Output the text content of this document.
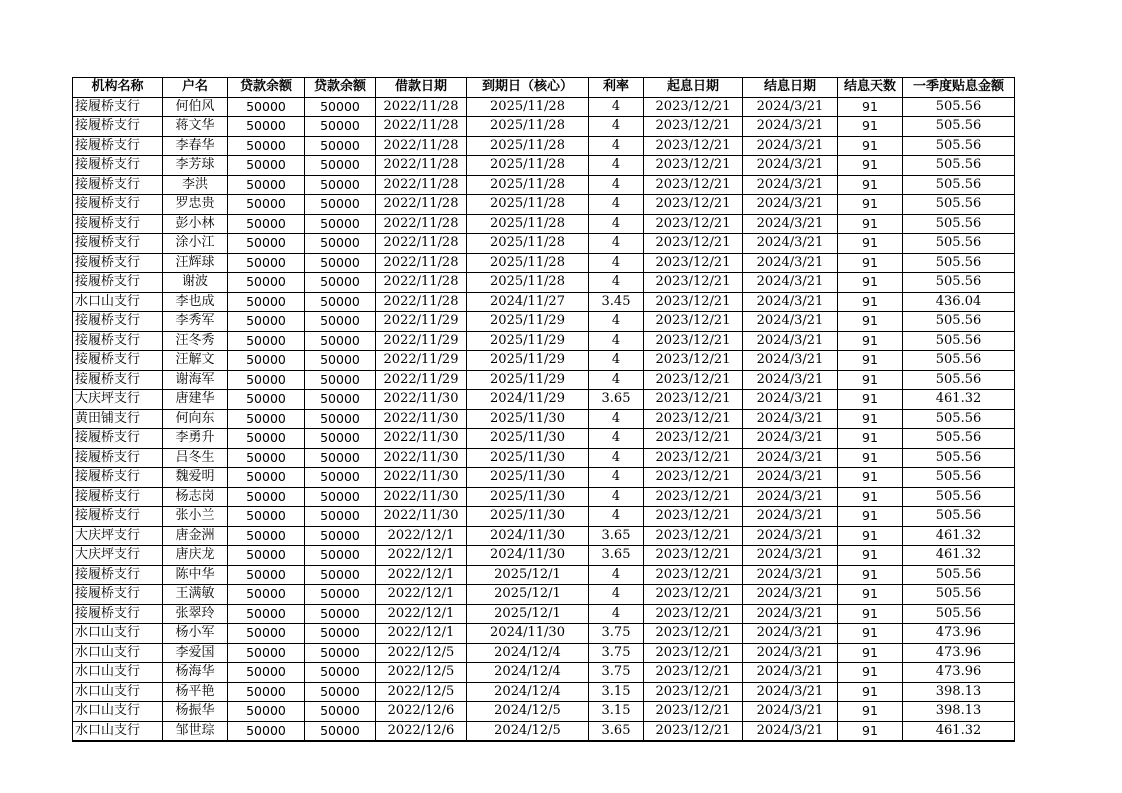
机构名称	户名	贷款余额	贷款余额	借款日期	到期日（核心）	利率	起息日期	结息日期	结息天数	一季度贴息金额
接履桥支行	何伯风	50000	50000	2022/11/28	2025/11/28	4	2023/12/21	2024/3/21	91	505.56
接履桥支行	蒋文华	50000	50000	2022/11/28	2025/11/28	4	2023/12/21	2024/3/21	91	505.56
接履桥支行	李春华	50000	50000	2022/11/28	2025/11/28	4	2023/12/21	2024/3/21	91	505.56
接履桥支行	李芳球	50000	50000	2022/11/28	2025/11/28	4	2023/12/21	2024/3/21	91	505.56
接履桥支行	李洪	50000	50000	2022/11/28	2025/11/28	4	2023/12/21	2024/3/21	91	505.56
接履桥支行	罗忠贵	50000	50000	2022/11/28	2025/11/28	4	2023/12/21	2024/3/21	91	505.56
接履桥支行	彭小林	50000	50000	2022/11/28	2025/11/28	4	2023/12/21	2024/3/21	91	505.56
接履桥支行	涂小江	50000	50000	2022/11/28	2025/11/28	4	2023/12/21	2024/3/21	91	505.56
接履桥支行	汪辉球	50000	50000	2022/11/28	2025/11/28	4	2023/12/21	2024/3/21	91	505.56
接履桥支行	谢波	50000	50000	2022/11/28	2025/11/28	4	2023/12/21	2024/3/21	91	505.56
水口山支行	李也成	50000	50000	2022/11/28	2024/11/27	3.45	2023/12/21	2024/3/21	91	436.04
接履桥支行	李秀军	50000	50000	2022/11/29	2025/11/29	4	2023/12/21	2024/3/21	91	505.56
接履桥支行	汪冬秀	50000	50000	2022/11/29	2025/11/29	4	2023/12/21	2024/3/21	91	505.56
接履桥支行	汪解文	50000	50000	2022/11/29	2025/11/29	4	2023/12/21	2024/3/21	91	505.56
接履桥支行	谢海军	50000	50000	2022/11/29	2025/11/29	4	2023/12/21	2024/3/21	91	505.56
大庆坪支行	唐建华	50000	50000	2022/11/30	2024/11/29	3.65	2023/12/21	2024/3/21	91	461.32
黄田铺支行	何向东	50000	50000	2022/11/30	2025/11/30	4	2023/12/21	2024/3/21	91	505.56
接履桥支行	李勇升	50000	50000	2022/11/30	2025/11/30	4	2023/12/21	2024/3/21	91	505.56
接履桥支行	吕冬生	50000	50000	2022/11/30	2025/11/30	4	2023/12/21	2024/3/21	91	505.56
接履桥支行	魏爱明	50000	50000	2022/11/30	2025/11/30	4	2023/12/21	2024/3/21	91	505.56
接履桥支行	杨志岗	50000	50000	2022/11/30	2025/11/30	4	2023/12/21	2024/3/21	91	505.56
接履桥支行	张小兰	50000	50000	2022/11/30	2025/11/30	4	2023/12/21	2024/3/21	91	505.56
大庆坪支行	唐金洲	50000	50000	2022/12/1	2024/11/30	3.65	2023/12/21	2024/3/21	91	461.32
大庆坪支行	唐庆龙	50000	50000	2022/12/1	2024/11/30	3.65	2023/12/21	2024/3/21	91	461.32
接履桥支行	陈中华	50000	50000	2022/12/1	2025/12/1	4	2023/12/21	2024/3/21	91	505.56
接履桥支行	王满敏	50000	50000	2022/12/1	2025/12/1	4	2023/12/21	2024/3/21	91	505.56
接履桥支行	张翠玲	50000	50000	2022/12/1	2025/12/1	4	2023/12/21	2024/3/21	91	505.56
水口山支行	杨小军	50000	50000	2022/12/1	2024/11/30	3.75	2023/12/21	2024/3/21	91	473.96
水口山支行	李爱国	50000	50000	2022/12/5	2024/12/4	3.75	2023/12/21	2024/3/21	91	473.96
水口山支行	杨海华	50000	50000	2022/12/5	2024/12/4	3.75	2023/12/21	2024/3/21	91	473.96
水口山支行	杨平艳	50000	50000	2022/12/5	2024/12/4	3.15	2023/12/21	2024/3/21	91	398.13
水口山支行	杨振华	50000	50000	2022/12/6	2024/12/5	3.15	2023/12/21	2024/3/21	91	398.13
水口山支行	邹世琮	50000	50000	2022/12/6	2024/12/5	3.65	2023/12/21	2024/3/21	91	461.32
